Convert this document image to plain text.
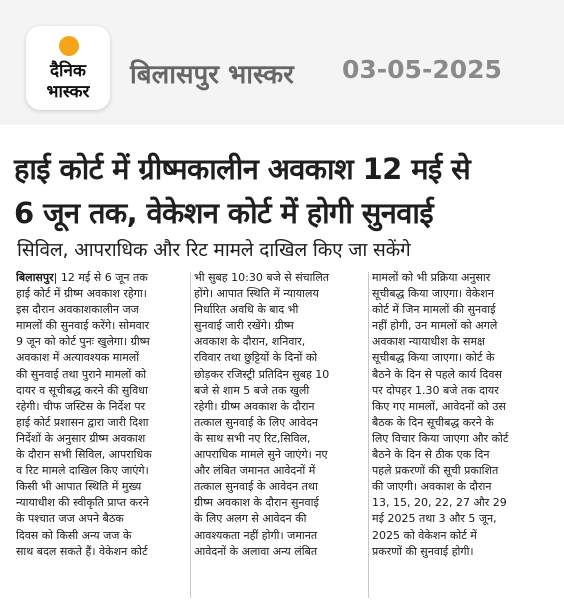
दैनिक
भास्कर
बिलासपुर भास्कर 03-05-2025
हाई कोर्ट में ग्रीष्मकालीन अवकाश 12 मई से
6 जून तक, वेकेशन कोर्ट में होगी सुनवाई
सिविल, आपराधिक और रिट मामले दाखिल किए जा सकेंगे
बिलासपुर| 12 मई से 6 जून तक
हाई कोर्ट में ग्रीष्म अवकाश रहेगा।
इस दौरान अवकाशकालीन जज
मामलों की सुनवाई करेंगे। सोमवार
9 जून को कोर्ट पुनः खुलेगा। ग्रीष्म
अवकाश में अत्यावश्यक मामलों
की सुनवाई तथा पुराने मामलों को
दायर व सूचीबद्ध करने की सुविधा
रहेगी। चीफ जस्टिस के निर्देश पर
हाई कोर्ट प्रशासन द्वारा जारी दिशा
निर्देशों के अनुसार ग्रीष्म अवकाश
के दौरान सभी सिविल, आपराधिक
व रिट मामले दाखिल किए जाएंगे।
किसी भी आपात स्थिति में मुख्य
न्यायाधीश की स्वीकृति प्राप्त करने
के पश्चात जज अपने बैठक
दिवस को किसी अन्य जज के
साथ बदल सकते हैं। वेकेशन कोर्ट
भी सुबह 10:30 बजे से संचालित
होंगे। आपात स्थिति में न्यायालय
निर्धारित अवधि के बाद भी
सुनवाई जारी रखेंगे। ग्रीष्म
अवकाश के दौरान, शनिवार,
रविवार तथा छुट्टियों के दिनों को
छोड़कर रजिस्ट्री प्रतिदिन सुबह 10
बजे से शाम 5 बजे तक खुली
रहेगी। ग्रीष्म अवकाश के दौरान
तत्काल सुनवाई के लिए आवेदन
के साथ सभी नए रिट,सिविल,
आपराधिक मामले सुने जाएंगे। नए
और लंबित जमानत आवेदनों में
तत्काल सुनवाई के आवेदन तथा
ग्रीष्म अवकाश के दौरान सुनवाई
के लिए अलग से आवेदन की
आवश्यकता नहीं होगी। जमानत
आवेदनों के अलावा अन्य लंबित
मामलों को भी प्रक्रिया अनुसार
सूचीबद्ध किया जाएगा। वेकेशन
कोर्ट में जिन मामलों की सुनवाई
नहीं होगी, उन मामलों को अगले
अवकाश न्यायाधीश के समक्ष
सूचीबद्ध किया जाएगा। कोर्ट के
बैठने के दिन से पहले कार्य दिवस
पर दोपहर 1.30 बजे तक दायर
किए गए मामलों, आवेदनों को उस
बैठक के दिन सूचीबद्ध करने के
लिए विचार किया जाएगा और कोर्ट
बैठने के दिन से ठीक एक दिन
पहले प्रकरणों की सूची प्रकाशित
की जाएगी। अवकाश के दौरान
13, 15, 20, 22, 27 और 29
मई 2025 तथा 3 और 5 जून,
2025 को वेकेशन कोर्ट में
प्रकरणों की सुनवाई होगी।
